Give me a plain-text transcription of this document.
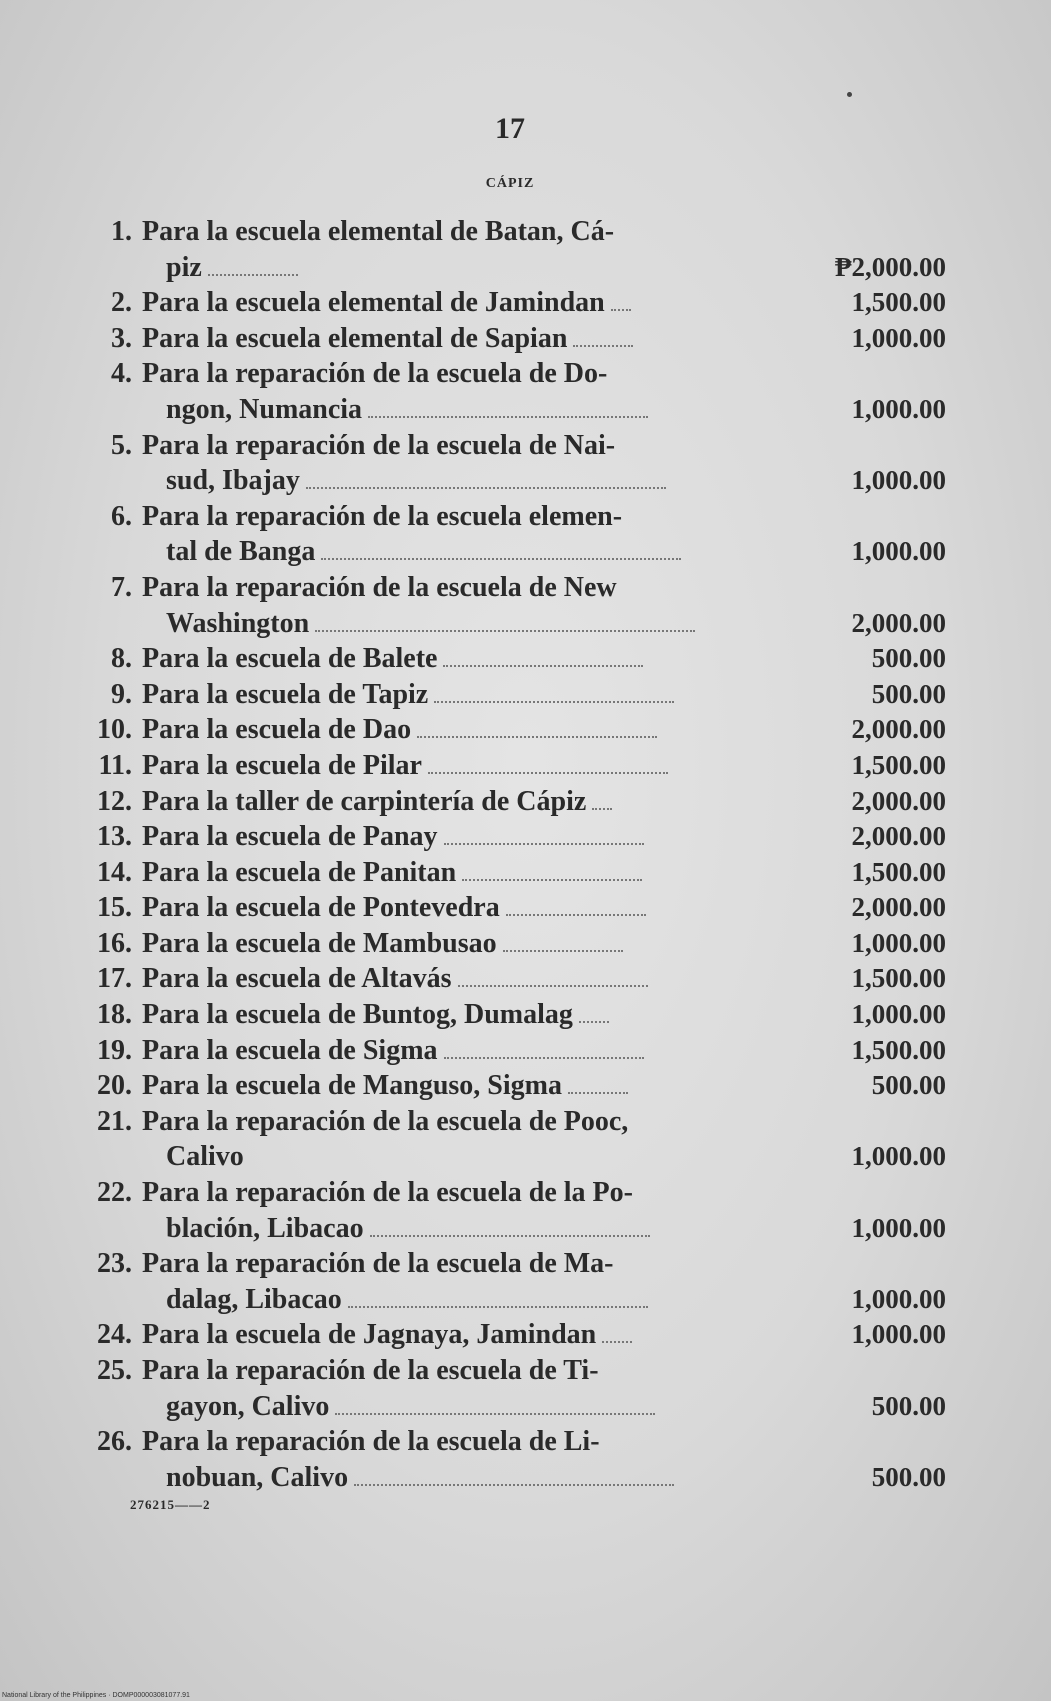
17
CÁPIZ
1. Para la escuela elemental de Batan, Cá-
piz	₱2,000.00
2. Para la escuela elemental de Jamindan	1,500.00
3. Para la escuela elemental de Sapian	1,000.00
4. Para la reparación de la escuela de Do-
ngon, Numancia	1,000.00
5. Para la reparación de la escuela de Nai-
sud, Ibajay	1,000.00
6. Para la reparación de la escuela elemen-
tal de Banga	1,000.00
7. Para la reparación de la escuela de New
Washington	2,000.00
8. Para la escuela de Balete	500.00
9. Para la escuela de Tapiz	500.00
10. Para la escuela de Dao	2,000.00
11. Para la escuela de Pilar	1,500.00
12. Para la taller de carpintería de Cápiz	2,000.00
13. Para la escuela de Panay	2,000.00
14. Para la escuela de Panitan	1,500.00
15. Para la escuela de Pontevedra	2,000.00
16. Para la escuela de Mambusao	1,000.00
17. Para la escuela de Altavás	1,500.00
18. Para la escuela de Buntog, Dumalag	1,000.00
19. Para la escuela de Sigma	1,500.00
20. Para la escuela de Manguso, Sigma	500.00
21. Para la reparación de la escuela de Pooc,
Calivo	1,000.00
22. Para la reparación de la escuela de la Po-
blación, Libacao	1,000.00
23. Para la reparación de la escuela de Ma-
dalag, Libacao	1,000.00
24. Para la escuela de Jagnaya, Jamindan	1,000.00
25. Para la reparación de la escuela de Ti-
gayon, Calivo	500.00
26. Para la reparación de la escuela de Li-
nobuan, Calivo	500.00
276215——2
National Library of the Philippines · DOMP000003081077.91
